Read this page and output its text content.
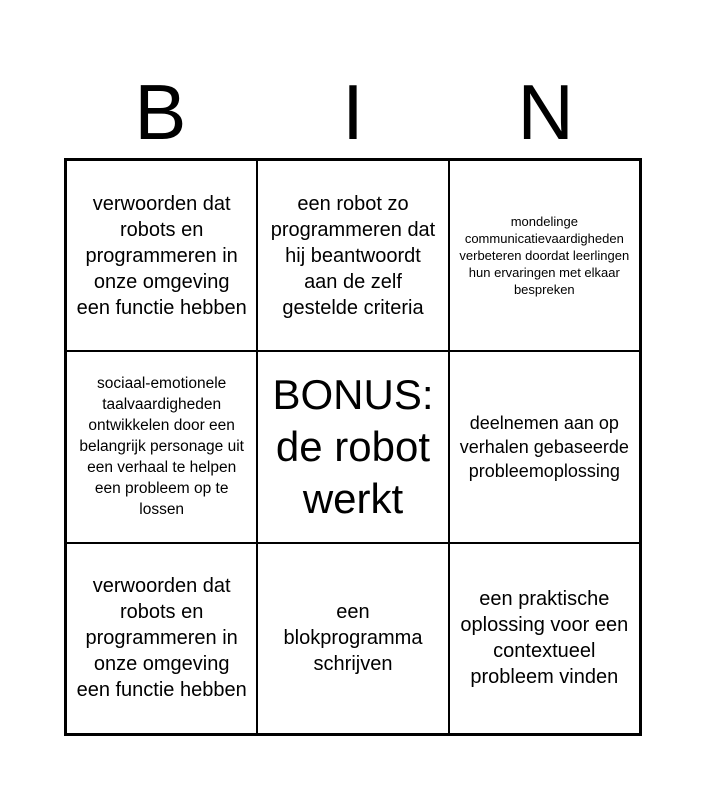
B	I	N
verwoorden dat robots en programmeren in onze omgeving een functie hebben
een robot zo programmeren dat hij beantwoordt aan de zelf gestelde criteria
mondelinge communicatievaardigheden verbeteren doordat leerlingen hun ervaringen met elkaar bespreken
sociaal-emotionele taalvaardigheden ontwikkelen door een belangrijk personage uit
een verhaal te helpen een probleem op te lossen
BONUS: de robot werkt
deelnemen aan op verhalen gebaseerde probleemoplossing
verwoorden dat robots en programmeren in onze omgeving een functie hebben
een blokprogramma schrijven
een praktische oplossing voor een contextueel probleem vinden
